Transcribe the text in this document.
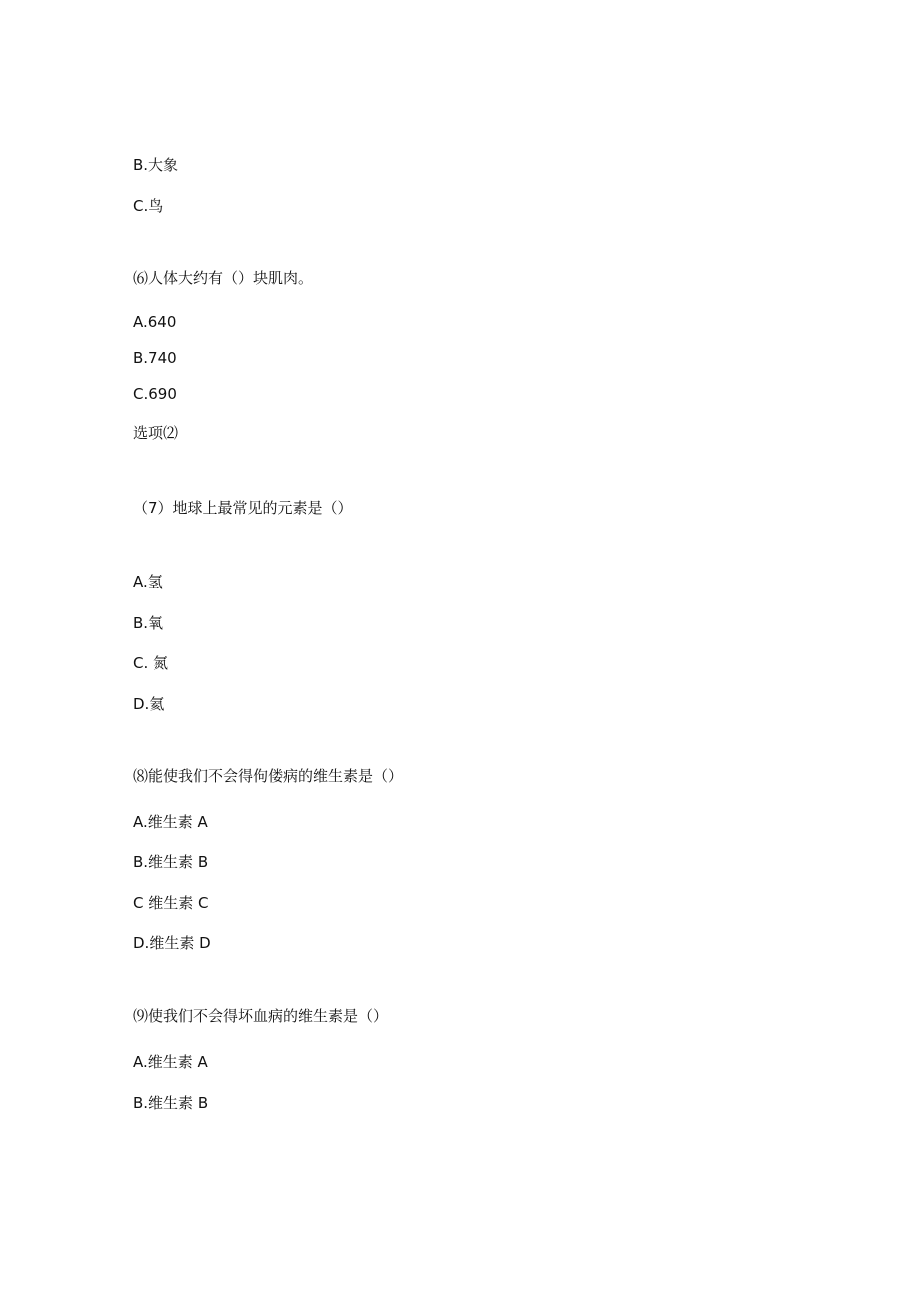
B.大象
C.鸟
⑹人体大约有（）块肌肉。
A.640
B.740
C.690
选项⑵
（7）地球上最常见的元素是（）
A.氢
B.氧
C. 氮
D.氦
⑻能使我们不会得佝偻病的维生素是（）
A.维生素 A
B.维生素 B
C 维生素 C
D.维生素 D
⑼使我们不会得坏血病的维生素是（）
A.维生素 A
B.维生素 B
